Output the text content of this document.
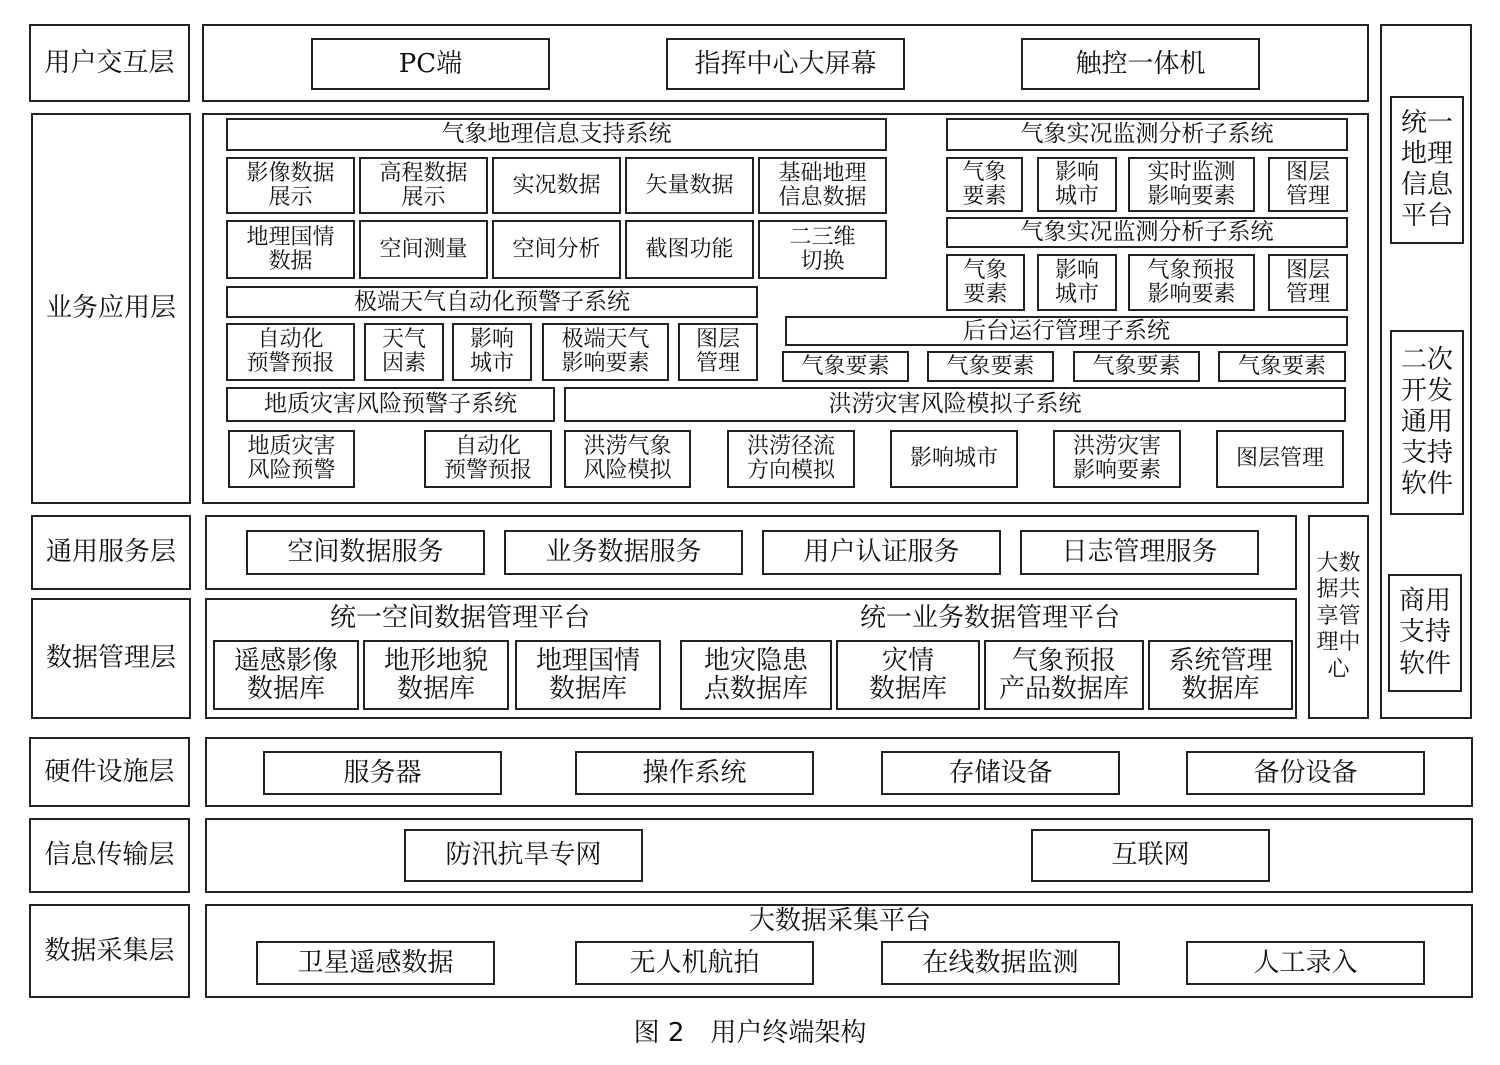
用户交互层
业务应用层
通用服务层
数据管理层
硬件设施层
信息传输层
数据采集层
PC端	指挥中心大屏幕	触控一体机
气象地理信息支持系统
影像数据
展示
高程数据
展示	实况数据	矢量数据	基础地理
信息数据
地理国情
数据	空间测量	空间分析	截图功能	二三维
切换
气象实况监测分析子系统
气象
要素
影响
城市
实时监测
影响要素
图层
管理
气象实况监测分析子系统
气象
要素
影响
城市
气象预报
影响要素
图层
管理
极端天气自动化预警子系统
自动化
预警预报
天气
因素
影响
城市
极端天气
影响要素
图层
管理
后台运行管理子系统
气象要素	气象要素	气象要素	气象要素
地质灾害风险预警子系统
地质灾害
风险预警
自动化
预警预报
洪涝灾害风险模拟子系统
洪涝气象
风险模拟
洪涝径流
方向模拟	影响城市	洪涝灾害
影响要素	图层管理
空间数据服务	业务数据服务	用户认证服务	日志管理服务	大数
据共
享管
理中
心
统一空间数据管理平台	统一业务数据管理平台
遥感影像
数据库
地形地貌
数据库
地理国情
数据库
地灾隐患
点数据库
灾情
数据库
气象预报
产品数据库
系统管理
数据库
统一
地理
信息
平台
二次
开发
通用
支持
软件
商用
支持
软件
服务器	操作系统	存储设备	备份设备
防汛抗旱专网	互联网
大数据采集平台
卫星遥感数据	无人机航拍	在线数据监测	人工录入
图 2　用户终端架构
